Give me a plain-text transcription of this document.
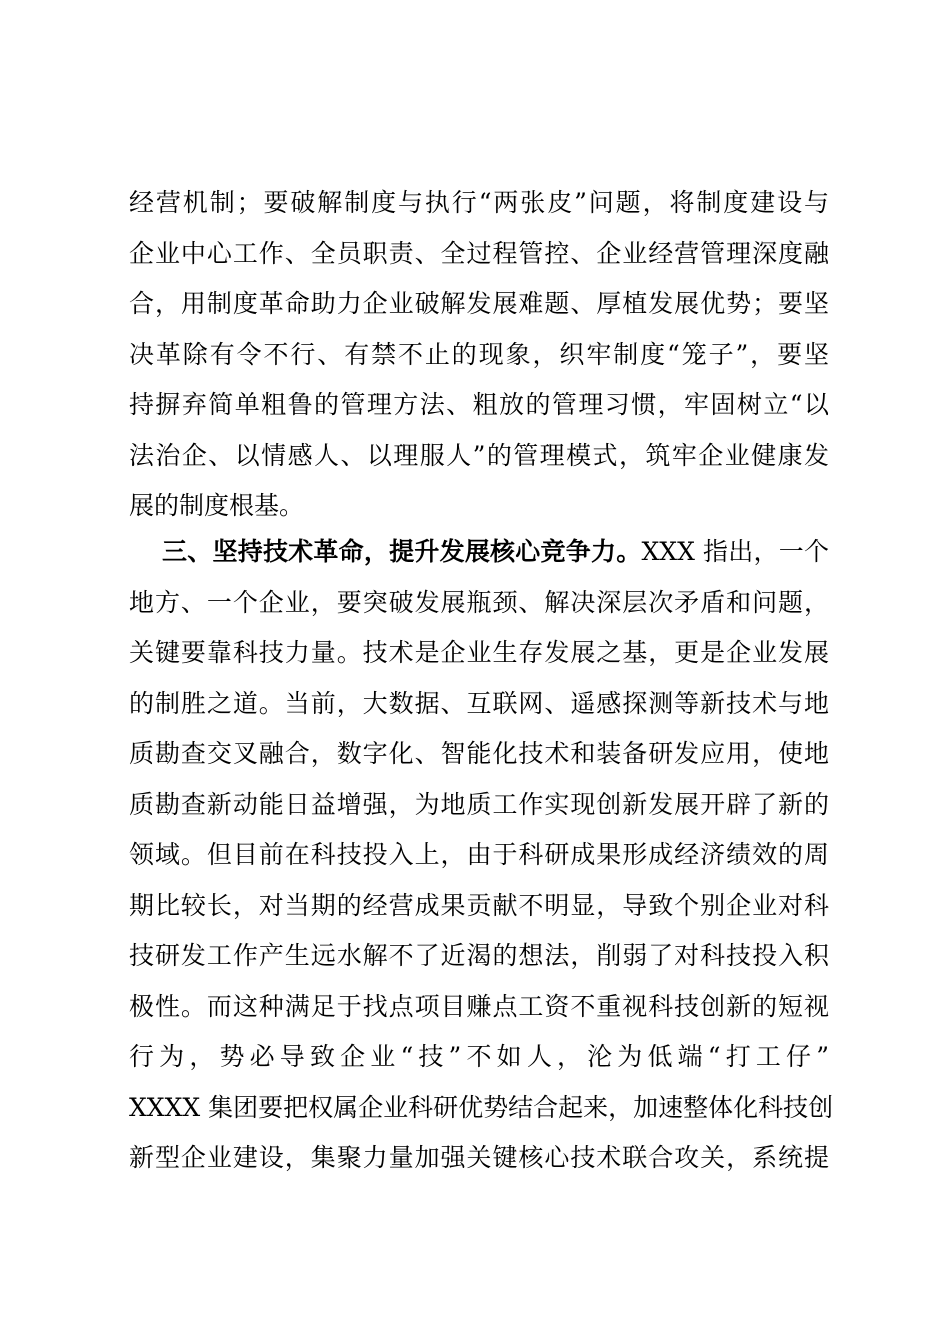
经营机制；要破解制度与执行“两张皮”问题，将制度建设与
企业中心工作、全员职责、全过程管控、企业经营管理深度融
合，用制度革命助力企业破解发展难题、厚植发展优势；要坚
决革除有令不行、有禁不止的现象，织牢制度“笼子”，要坚
持摒弃简单粗鲁的管理方法、粗放的管理习惯，牢固树立“以
法治企、以情感人、以理服人”的管理模式，筑牢企业健康发
展的制度根基。
三、坚持技术革命，提升发展核心竞争力。XXX 指出，一个
地方、一个企业，要突破发展瓶颈、解决深层次矛盾和问题，
关键要靠科技力量。技术是企业生存发展之基，更是企业发展
的制胜之道。当前，大数据、互联网、遥感探测等新技术与地
质勘查交叉融合，数字化、智能化技术和装备研发应用，使地
质勘查新动能日益增强，为地质工作实现创新发展开辟了新的
领域。但目前在科技投入上，由于科研成果形成经济绩效的周
期比较长，对当期的经营成果贡献不明显，导致个别企业对科
技研发工作产生远水解不了近渴的想法，削弱了对科技投入积
极性。而这种满足于找点项目赚点工资不重视科技创新的短视
行为，势必导致企业“技”不如人，沦为低端“打工仔”
XXXX 集团要把权属企业科研优势结合起来，加速整体化科技创
新型企业建设，集聚力量加强关键核心技术联合攻关，系统提
